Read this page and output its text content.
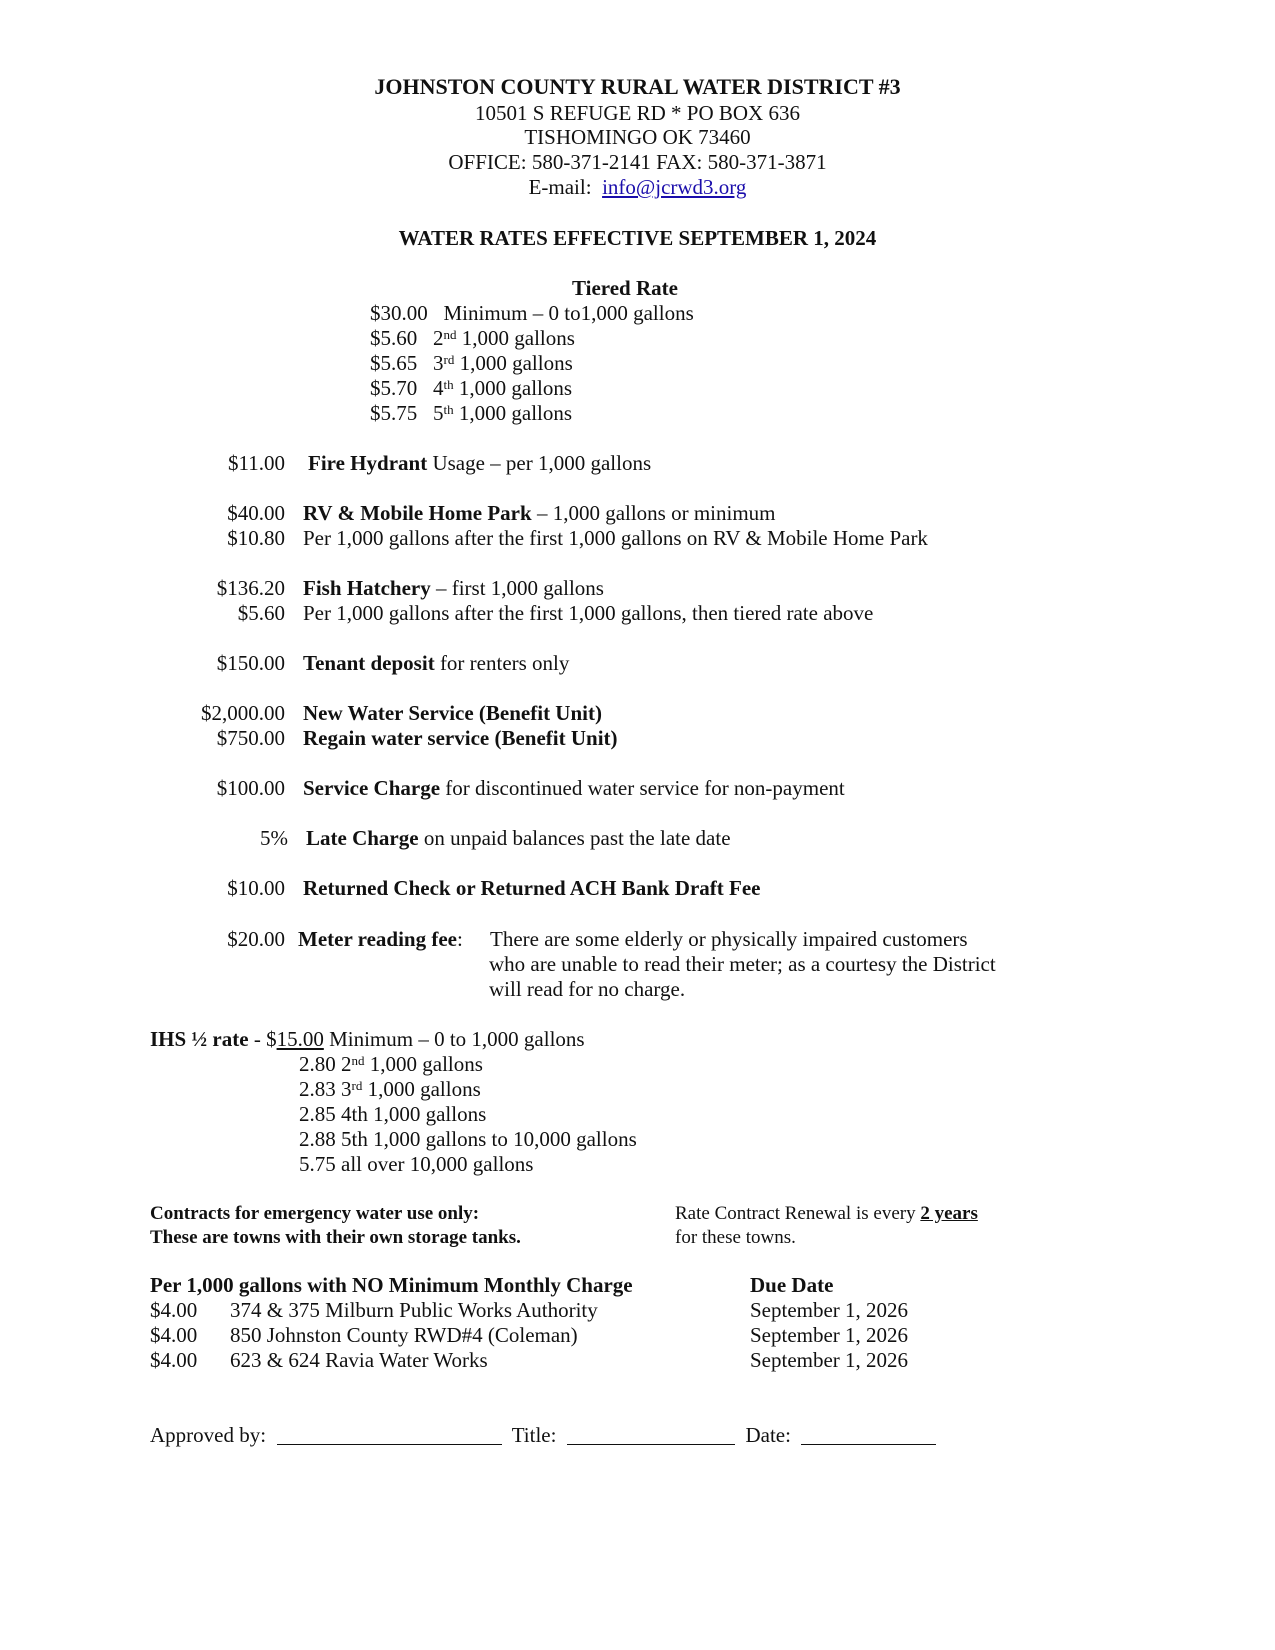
JOHNSTON COUNTY RURAL WATER DISTRICT #3
10501 S REFUGE RD * PO BOX 636
TISHOMINGO OK 73460
OFFICE: 580-371-2141 FAX: 580-371-3871
E-mail: info@jcrwd3.org
WATER RATES EFFECTIVE SEPTEMBER 1, 2024
Tiered Rate
$30.00 Minimum – 0 to1,000 gallons
$5.60 2nd 1,000 gallons
$5.65 3rd 1,000 gallons
$5.70 4th 1,000 gallons
$5.75 5th 1,000 gallons
$11.00 Fire Hydrant Usage – per 1,000 gallons
$40.00 RV & Mobile Home Park – 1,000 gallons or minimum
$10.80 Per 1,000 gallons after the first 1,000 gallons on RV & Mobile Home Park
$136.20 Fish Hatchery – first 1,000 gallons
$5.60 Per 1,000 gallons after the first 1,000 gallons, then tiered rate above
$150.00 Tenant deposit for renters only
$2,000.00 New Water Service (Benefit Unit)
$750.00 Regain water service (Benefit Unit)
$100.00 Service Charge for discontinued water service for non-payment
5% Late Charge on unpaid balances past the late date
$10.00 Returned Check or Returned ACH Bank Draft Fee
$20.00 Meter reading fee: There are some elderly or physically impaired customers
who are unable to read their meter; as a courtesy the District
will read for no charge.
IHS ½ rate - $15.00 Minimum – 0 to 1,000 gallons
2.80 2nd 1,000 gallons
2.83 3rd 1,000 gallons
2.85 4th 1,000 gallons
2.88 5th 1,000 gallons to 10,000 gallons
5.75 all over 10,000 gallons
Contracts for emergency water use only:
These are towns with their own storage tanks.
Rate Contract Renewal is every 2 years
for these towns.
Per 1,000 gallons with NO Minimum Monthly Charge	Due Date
$4.00 374 & 375 Milburn Public Works Authority	September 1, 2026
$4.00 850 Johnston County RWD#4 (Coleman)	September 1, 2026
$4.00 623 & 624 Ravia Water Works	September 1, 2026
Approved by:	Title:	Date:
